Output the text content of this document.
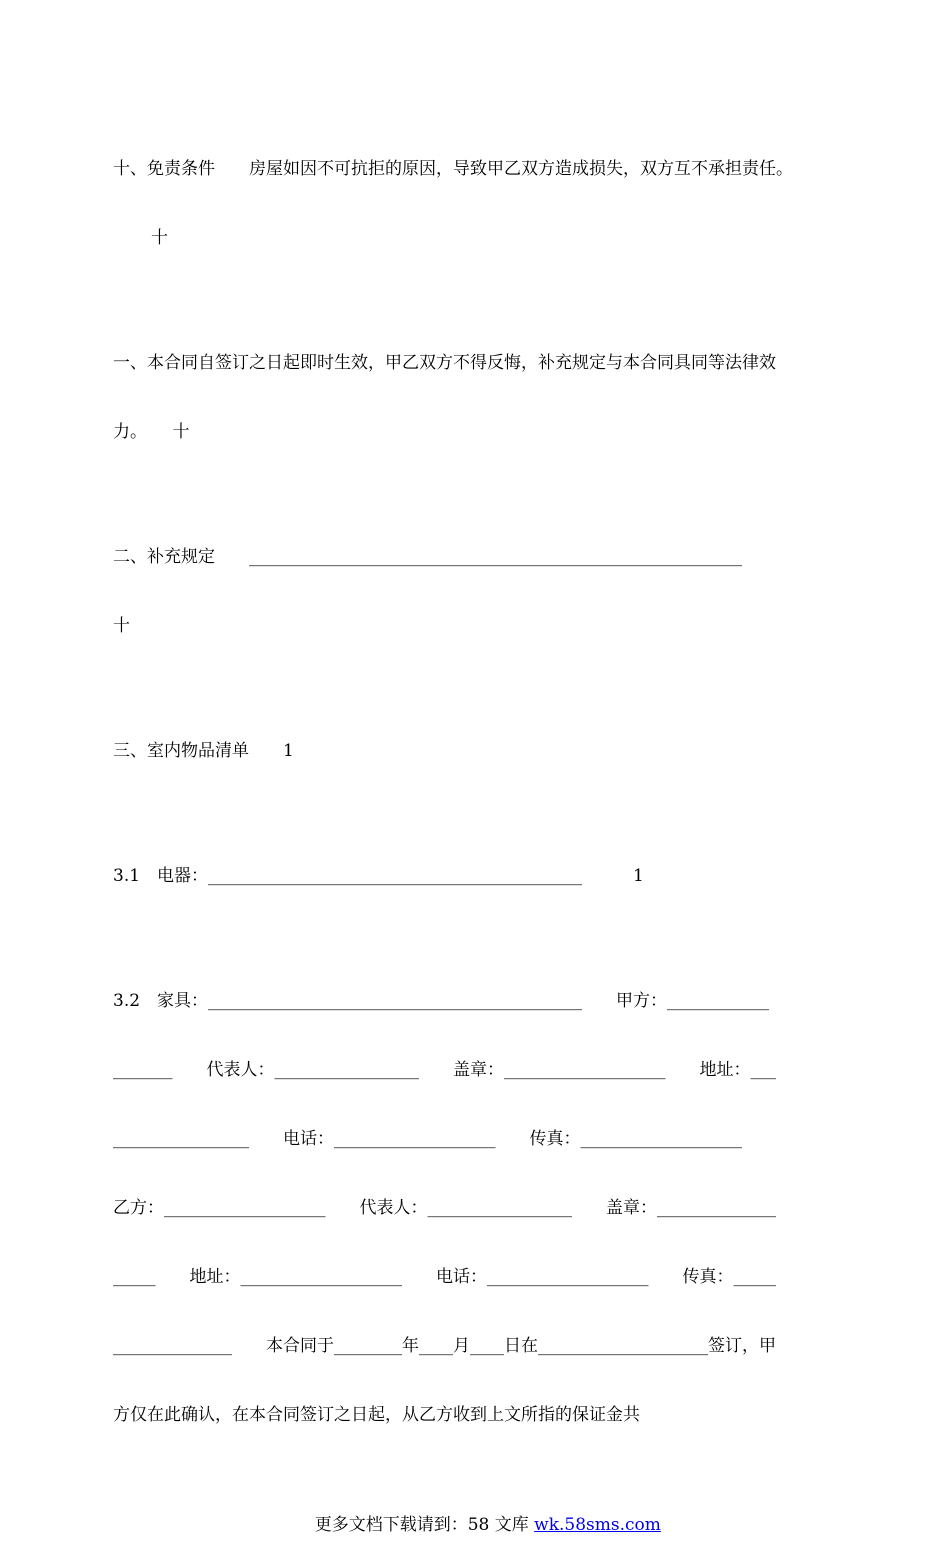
十、免责条件　　房屋如因不可抗拒的原因，导致甲乙双方造成损失，双方互不承担责任。

十

一、本合同自签订之日起即时生效，甲乙双方不得反悔，补充规定与本合同具同等法律效

力。　　十

二、补充规定　　__________________________________________________________

十

三、室内物品清单　　1

3.1　电器：____________________________________________　　　1

3.2　家具：____________________________________________　　甲方：____________

_______　　代表人：_________________　　盖章：___________________　　地址：___

________________　　电话：___________________　　传真：___________________

乙方：___________________　　代表人：_________________　　盖章：______________

_____　　地址：___________________　　电话：___________________　　传真：_____

______________　　本合同于________年____月____日在____________________签订，甲

方仅在此确认，在本合同签订之日起，从乙方收到上文所指的保证金共

更多文档下载请到：58 文库 wk.58sms.com
